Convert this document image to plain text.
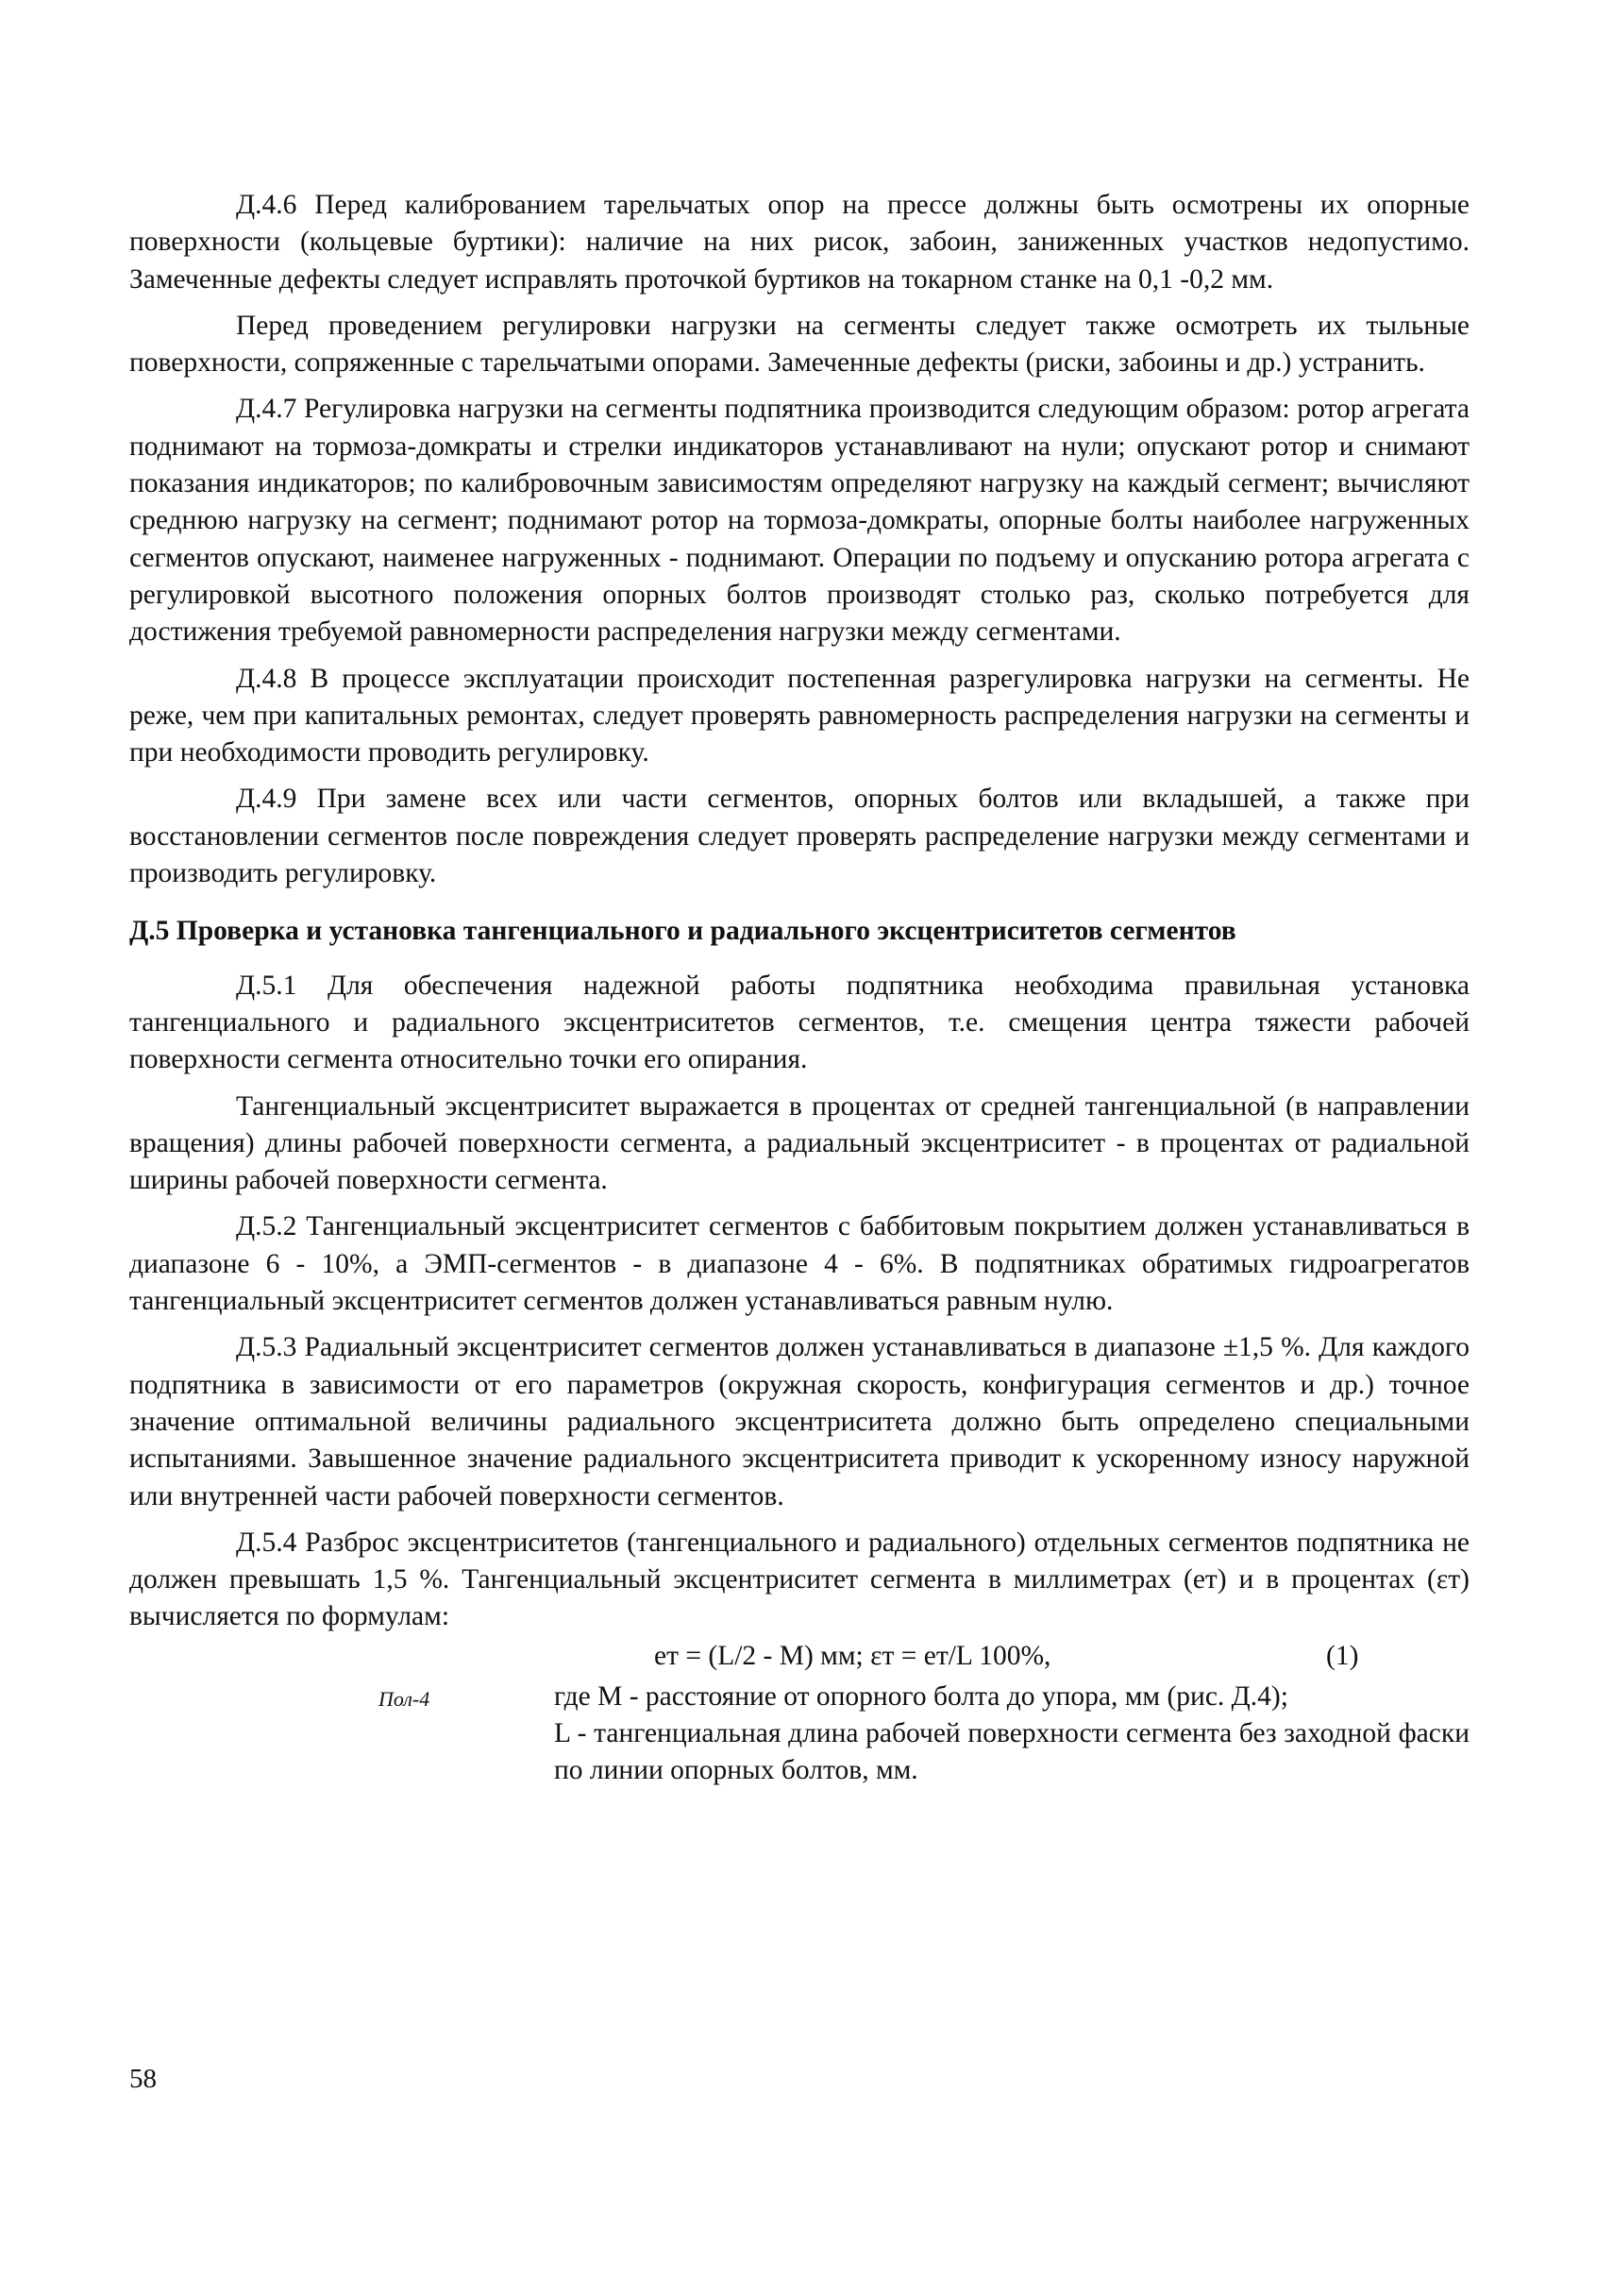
Д.4.6 Перед калиброванием тарельчатых опор на прессе должны быть осмотрены их опорные поверхности (кольцевые буртики): наличие на них рисок, забоин, заниженных участков недопустимо. Замеченные дефекты следует исправлять проточкой буртиков на токарном станке на 0,1 -0,2 мм.

Перед проведением регулировки нагрузки на сегменты следует также осмотреть их тыльные поверхности, сопряженные с тарельчатыми опорами. Замеченные дефекты (риски, забоины и др.) устранить.

Д.4.7 Регулировка нагрузки на сегменты подпятника производится следующим образом: ротор агрегата поднимают на тормоза-домкраты и стрелки индикаторов устанавливают на нули; опускают ротор и снимают показания индикаторов; по калибровочным зависимостям определяют нагрузку на каждый сегмент; вычисляют среднюю нагрузку на сегмент; поднимают ротор на тормоза-домкраты, опорные болты наиболее нагруженных сегментов опускают, наименее нагруженных - поднимают. Операции по подъему и опусканию ротора агрегата с регулировкой высотного положения опорных болтов производят столько раз, сколько потребуется для достижения требуемой равномерности распределения нагрузки между сегментами.

Д.4.8 В процессе эксплуатации происходит постепенная разрегулировка нагрузки на сегменты. Не реже, чем при капитальных ремонтах, следует проверять равномерность распределения нагрузки на сегменты и при необходимости проводить регулировку.

Д.4.9 При замене всех или части сегментов, опорных болтов или вкладышей, а также при восстановлении сегментов после повреждения следует проверять распределение нагрузки между сегментами и производить регулировку.

Д.5 Проверка и установка тангенциального и радиального эксцентриситетов сегментов

Д.5.1 Для обеспечения надежной работы подпятника необходима правильная установка тангенциального и радиального эксцентриситетов сегментов, т.е. смещения центра тяжести рабочей поверхности сегмента относительно точки его опирания.

Тангенциальный эксцентриситет выражается в процентах от средней тангенциальной (в направлении вращения) длины рабочей поверхности сегмента, а радиальный эксцентриситет - в процентах от радиальной ширины рабочей поверхности сегмента.

Д.5.2 Тангенциальный эксцентриситет сегментов с баббитовым покрытием должен устанавливаться в диапазоне 6 - 10%, а ЭМП-сегментов - в диапазоне 4 - 6%. В подпятниках обратимых гидроагрегатов тангенциальный эксцентриситет сегментов должен устанавливаться равным нулю.

Д.5.3 Радиальный эксцентриситет сегментов должен устанавливаться в диапазоне ±1,5 %. Для каждого подпятника в зависимости от его параметров (окружная скорость, конфигурация сегментов и др.) точное значение оптимальной величины радиального эксцентриситета должно быть определено специальными испытаниями. Завышенное значение радиального эксцентриситета приводит к ускоренному износу наружной или внутренней части рабочей поверхности сегментов.

Д.5.4 Разброс эксцентриситетов (тангенциального и радиального) отдельных сегментов подпятника не должен превышать 1,5 %. Тангенциальный эксцентриситет сегмента в миллиметрах (eт) и в процентах (εт) вычисляется по формулам:

eт = (L/2 - M) мм; εт = eт/L 100%,	(1)
Пол-4	где M - расстояние от опорного болта до упора, мм (рис. Д.4);

L - тангенциальная длина рабочей поверхности сегмента без заходной фаски по линии опорных болтов, мм.

58
